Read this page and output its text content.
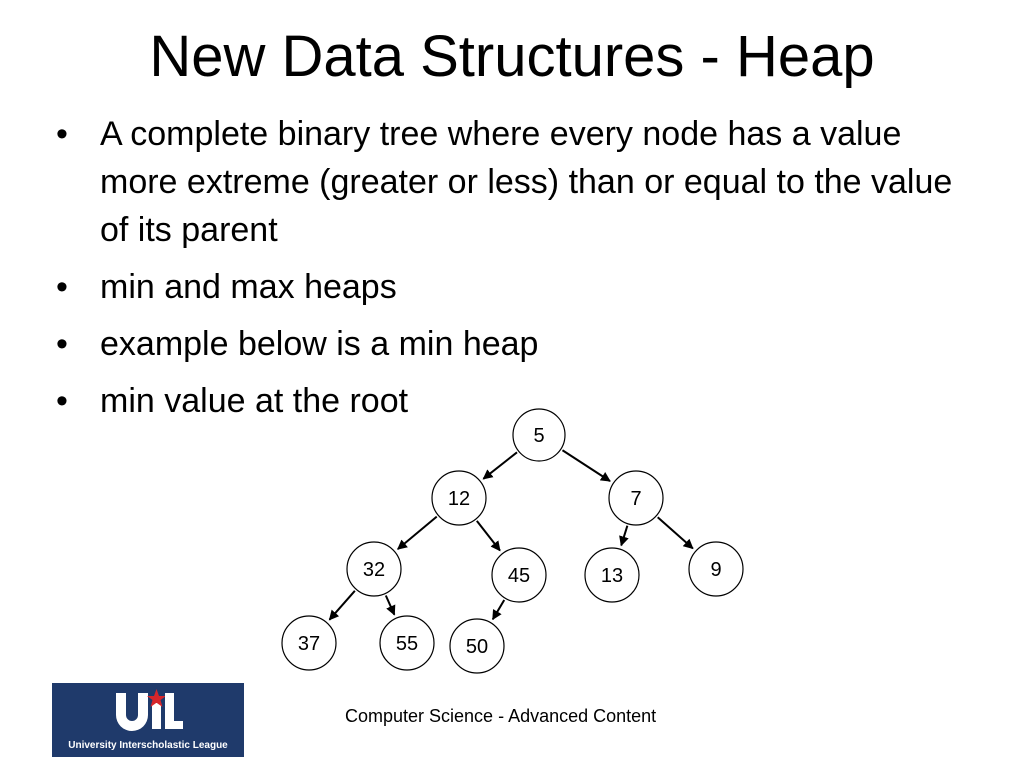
New Data Structures - Heap
• A complete binary tree where every node has a value more extreme (greater or less) than or equal to the value of its parent
• min and max heaps
• example below is a min heap
• min value at the root
5
12	7
32	45	13	9
37	55 50
University Interscholastic League
Computer Science - Advanced Content
